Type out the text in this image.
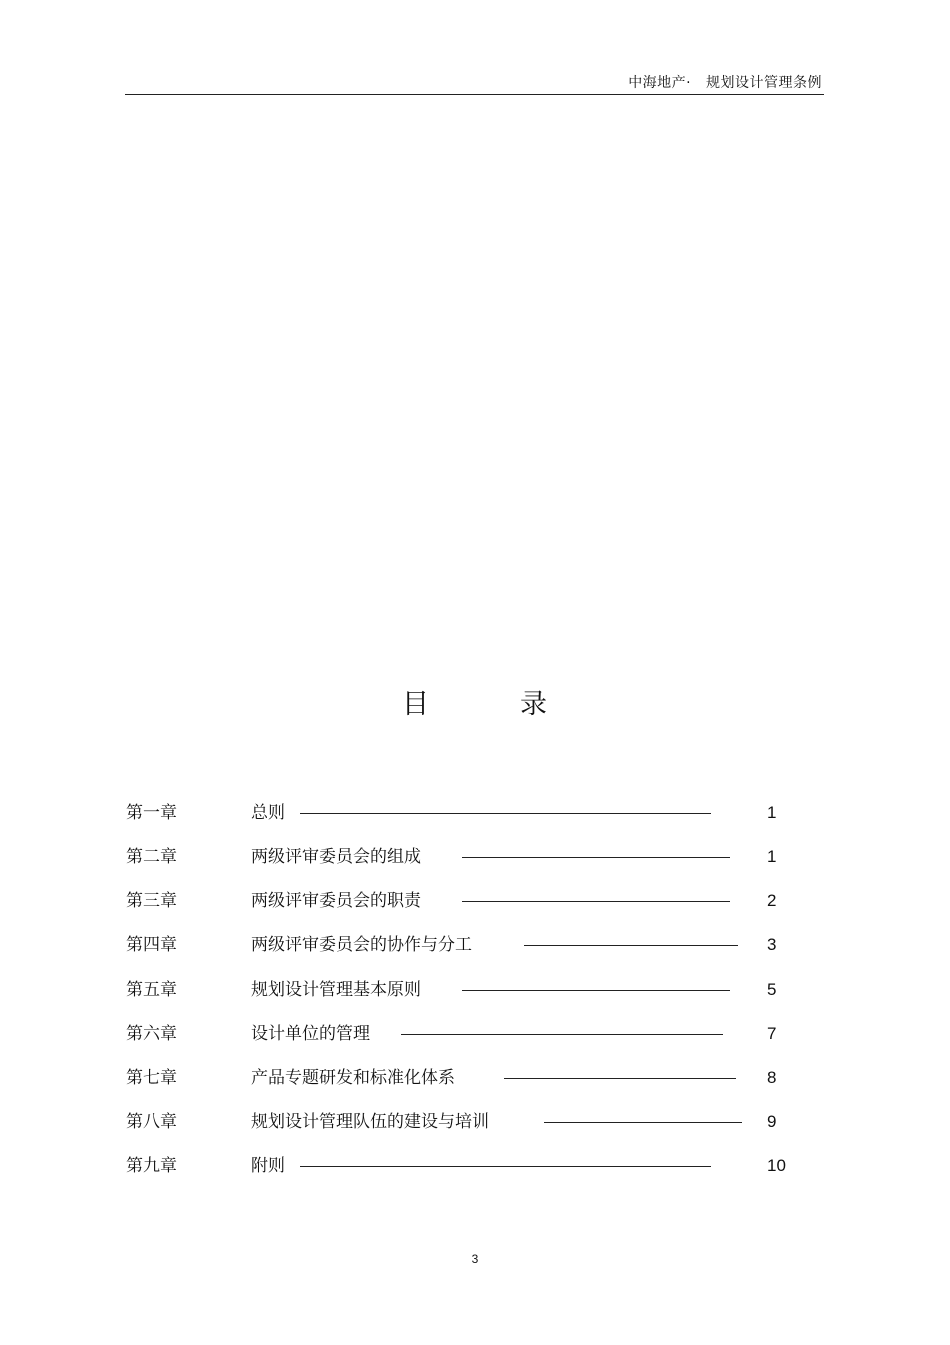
中海地产·   规划设计管理条例
目	录
第一章	总则	1
第二章	两级评审委员会的组成	1
第三章	两级评审委员会的职责	2
第四章	两级评审委员会的协作与分工	3
第五章	规划设计管理基本原则	5
第六章	设计单位的管理	7
第七章	产品专题研发和标准化体系	8
第八章	规划设计管理队伍的建设与培训	9
第九章	附则	10
3
